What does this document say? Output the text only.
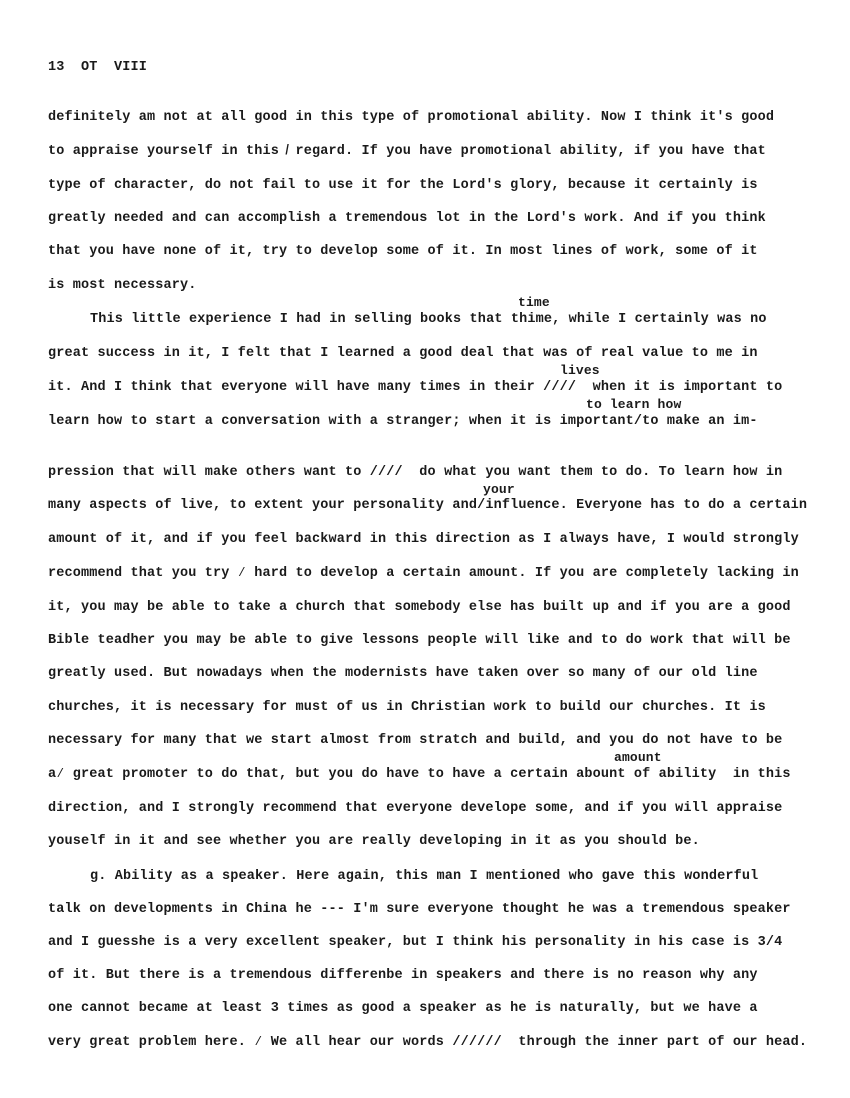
13  OT  VIII
definitely am not at all good in this type of promotional ability. Now I think it's good
to appraise yourself in this ̸ regard. If you have promotional ability, if you have that
type of character, do not fail to use it for the Lord's glory, because it certainly is
greatly needed and can accomplish a tremendous lot in the Lord's work. And if you think
that you have none of it, try to develop some of it. In most lines of work, some of it
is most necessary.
time
This little experience I had in selling books that thime, while I certainly was no
great success in it, I felt that I learned a good deal that was of real value to me in
lives
it. And I think that everyone will have many times in their ////  when it is important to
to learn how
learn how to start a conversation with a stranger; when it is important/to make an im-
pression that will make others want to ////  do what you want them to do. To learn how in
your
many aspects of live, to extent your personality and/influence. Everyone has to do a certain
amount of it, and if you feel backward in this direction as I always have, I would strongly
recommend that you try ⁄ hard to develop a certain amount. If you are completely lacking in
it, you may be able to take a church that somebody else has built up and if you are a good
Bible teadher you may be able to give lessons people will like and to do work that will be
greatly used. But nowadays when the modernists have taken over so many of our old line
churches, it is necessary for must of us in Christian work to build our churches. It is
necessary for many that we start almost from stratch and build, and you do not have to be
amount
a⁄ great promoter to do that, but you do have to have a certain abount of ability  in this
direction, and I strongly recommend that everyone develope some, and if you will appraise
youself in it and see whether you are really developing in it as you should be.
g. Ability as a speaker. Here again, this man I mentioned who gave this wonderful
talk on developments in China he --- I'm sure everyone thought he was a tremendous speaker
and I guesshe is a very excellent speaker, but I think his personality in his case is 3/4
of it. But there is a tremendous differenbe in speakers and there is no reason why any
one cannot became at least 3 times as good a speaker as he is naturally, but we have a
very great problem here. ⁄ We all hear our words //////  through the inner part of our head.
